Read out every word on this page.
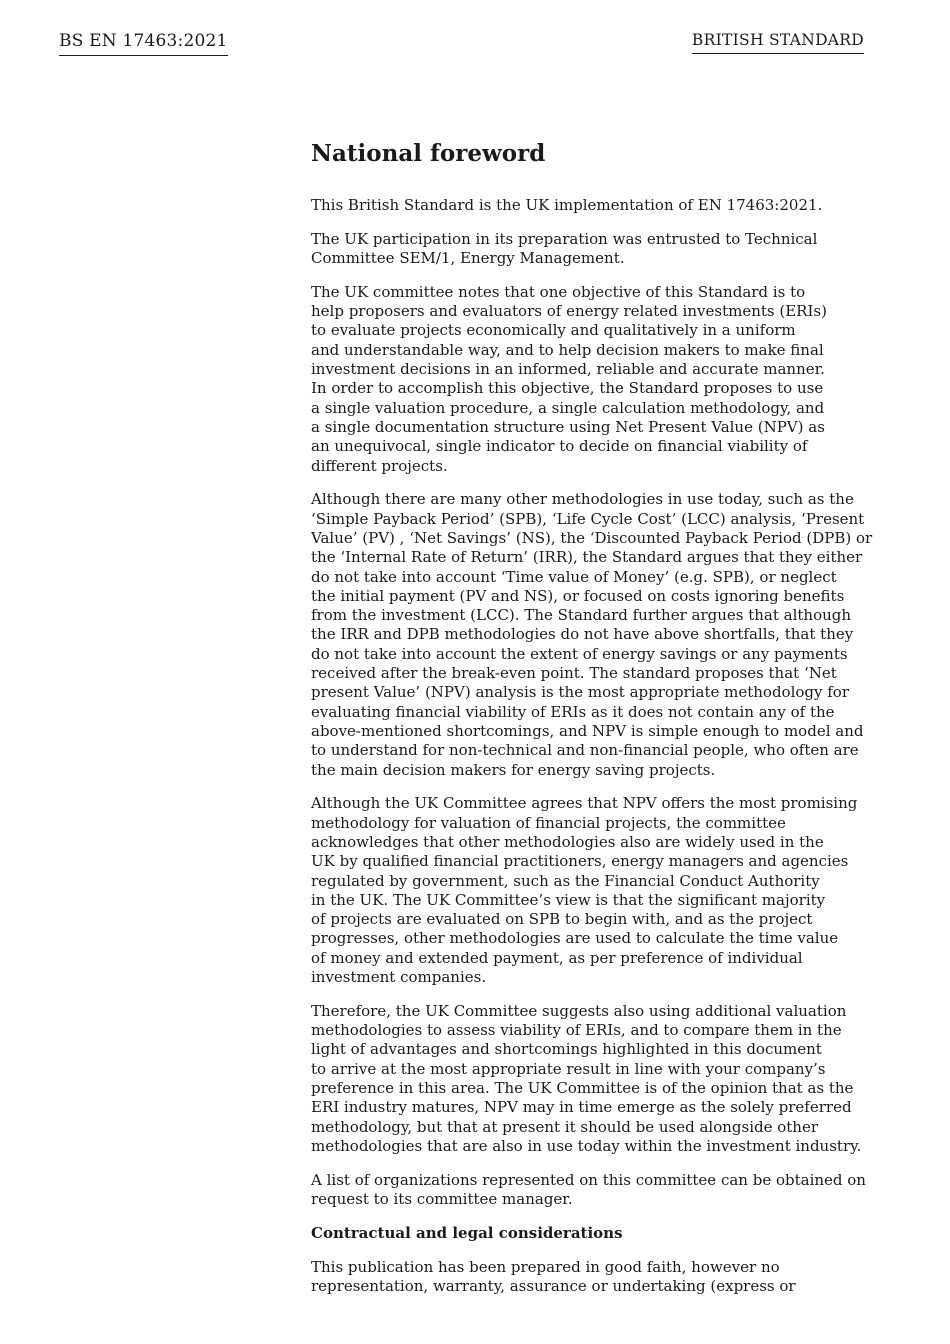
BS EN 17463:2021	BRITISH STANDARD
National foreword

This British Standard is the UK implementation of EN 17463:2021.

The UK participation in its preparation was entrusted to Technical
Committee SEM/1, Energy Management.

The UK committee notes that one objective of this Standard is to
help proposers and evaluators of energy related investments (ERIs)
to evaluate projects economically and qualitatively in a uniform
and understandable way, and to help decision makers to make final
investment decisions in an informed, reliable and accurate manner.
In order to accomplish this objective, the Standard proposes to use
a single valuation procedure, a single calculation methodology, and
a single documentation structure using Net Present Value (NPV) as
an unequivocal, single indicator to decide on financial viability of
different projects.

Although there are many other methodologies in use today, such as the
‘Simple Payback Period’ (SPB), ‘Life Cycle Cost’ (LCC) analysis, ‘Present
Value’ (PV) , ‘Net Savings’ (NS), the ‘Discounted Payback Period (DPB) or
the ‘Internal Rate of Return’ (IRR), the Standard argues that they either
do not take into account ‘Time value of Money’ (e.g. SPB), or neglect
the initial payment (PV and NS), or focused on costs ignoring benefits
from the investment (LCC). The Standard further argues that although
the IRR and DPB methodologies do not have above shortfalls, that they
do not take into account the extent of energy savings or any payments
received after the break-even point. The standard proposes that ‘Net
present Value’ (NPV) analysis is the most appropriate methodology for
evaluating financial viability of ERIs as it does not contain any of the
above-mentioned shortcomings, and NPV is simple enough to model and
to understand for non-technical and non-financial people, who often are
the main decision makers for energy saving projects.

Although the UK Committee agrees that NPV offers the most promising
methodology for valuation of financial projects, the committee
acknowledges that other methodologies also are widely used in the
UK by qualified financial practitioners, energy managers and agencies
regulated by government, such as the Financial Conduct Authority
in the UK. The UK Committee’s view is that the significant majority
of projects are evaluated on SPB to begin with, and as the project
progresses, other methodologies are used to calculate the time value
of money and extended payment, as per preference of individual
investment companies.

Therefore, the UK Committee suggests also using additional valuation
methodologies to assess viability of ERIs, and to compare them in the
light of advantages and shortcomings highlighted in this document
to arrive at the most appropriate result in line with your company’s
preference in this area. The UK Committee is of the opinion that as the
ERI industry matures, NPV may in time emerge as the solely preferred
methodology, but that at present it should be used alongside other
methodologies that are also in use today within the investment industry.

A list of organizations represented on this committee can be obtained on
request to its committee manager.

Contractual and legal considerations

This publication has been prepared in good faith, however no
representation, warranty, assurance or undertaking (express or
